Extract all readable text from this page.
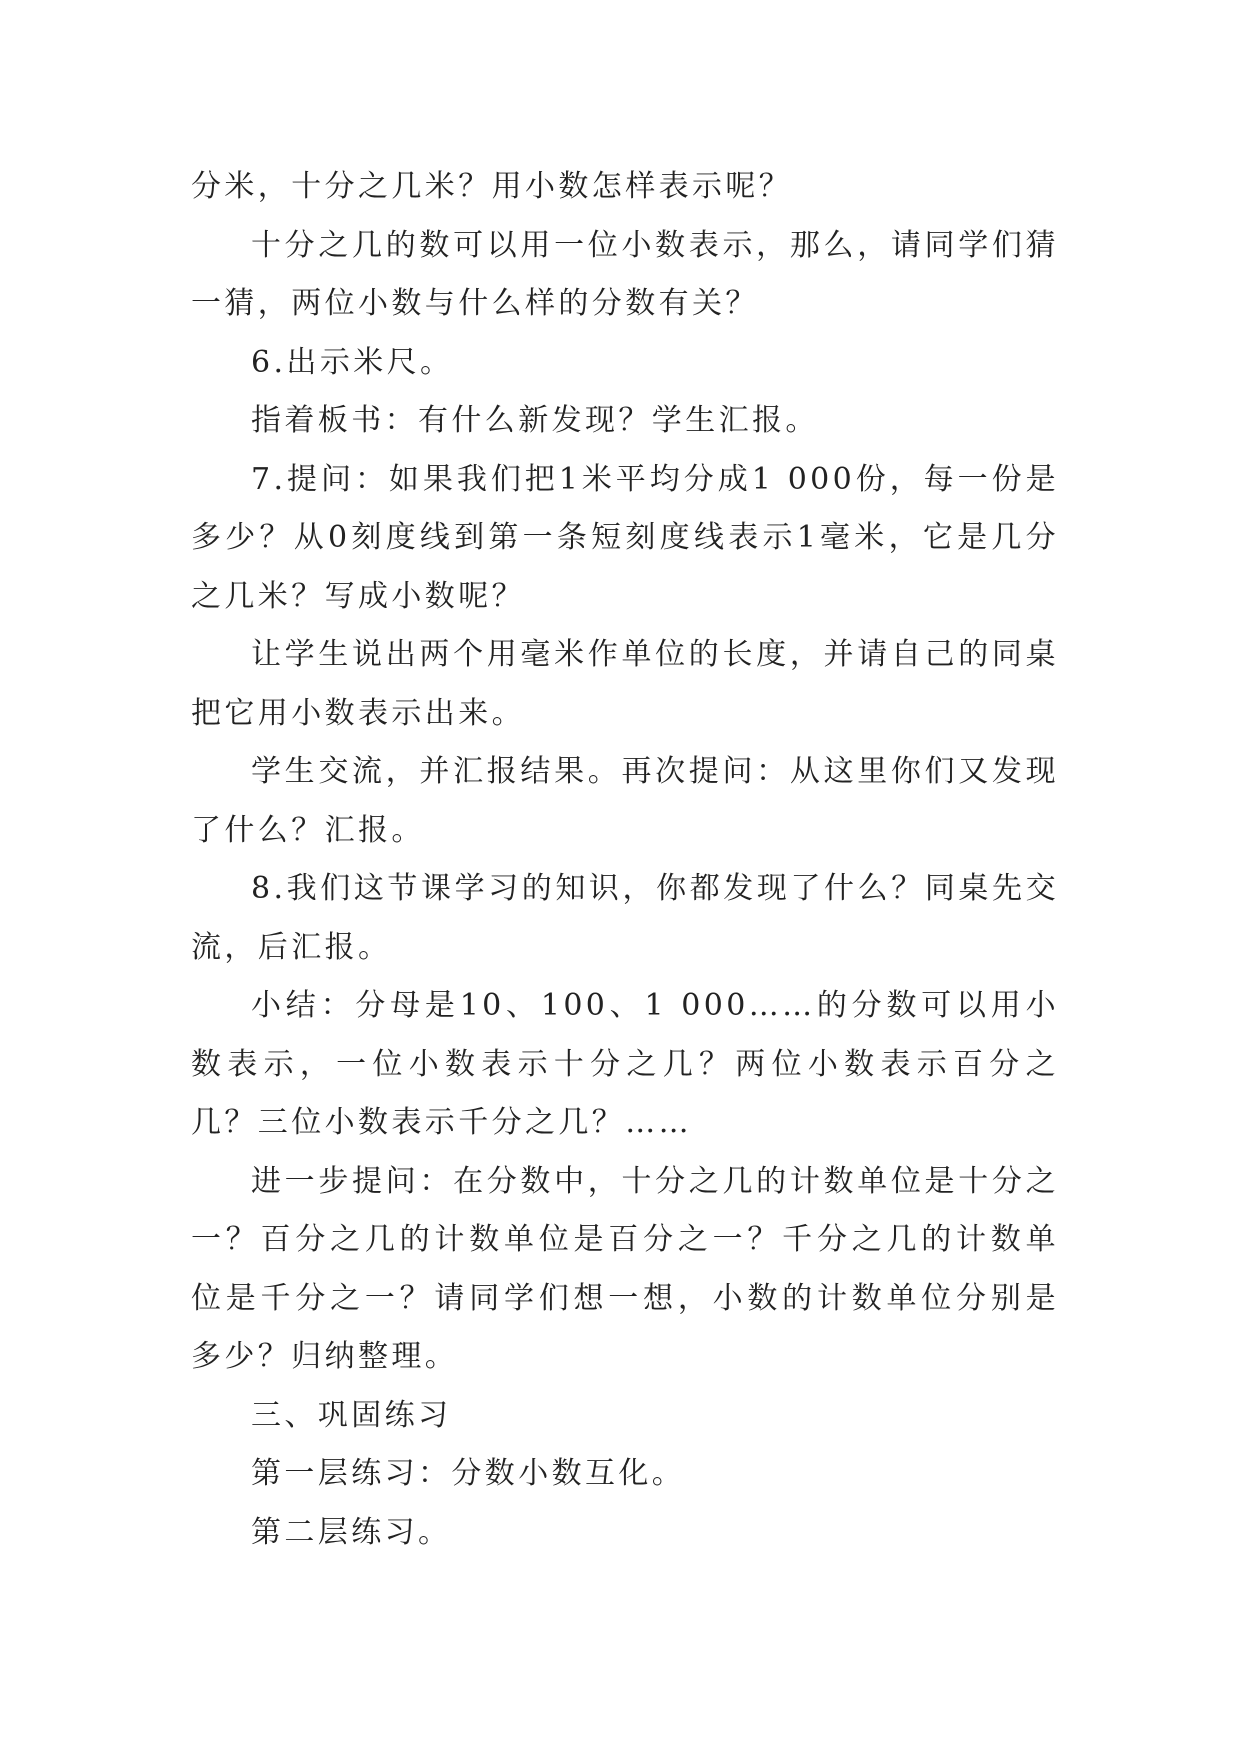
分米，十分之几米？用小数怎样表示呢？

十分之几的数可以用一位小数表示，那么，请同学们猜一猜，两位小数与什么样的分数有关？

6.出示米尺。

指着板书：有什么新发现？学生汇报。

7.提问：如果我们把1米平均分成1 000份，每一份是多少？从0刻度线到第一条短刻度线表示1毫米，它是几分之几米？写成小数呢？

让学生说出两个用毫米作单位的长度，并请自己的同桌把它用小数表示出来。

学生交流，并汇报结果。再次提问：从这里你们又发现了什么？汇报。

8.我们这节课学习的知识，你都发现了什么？同桌先交流，后汇报。

小结：分母是10、100、1 000……的分数可以用小数表示，一位小数表示十分之几？两位小数表示百分之几？三位小数表示千分之几？……

进一步提问：在分数中，十分之几的计数单位是十分之一？百分之几的计数单位是百分之一？千分之几的计数单位是千分之一？请同学们想一想，小数的计数单位分别是多少？归纳整理。

三、巩固练习

第一层练习：分数小数互化。

第二层练习。
